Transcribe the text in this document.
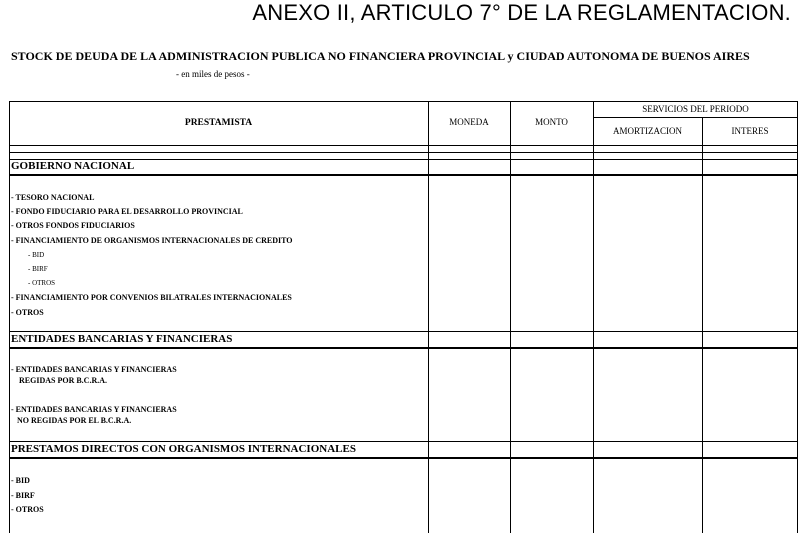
ANEXO II, ARTICULO 7° DE LA REGLAMENTACION.
STOCK DE DEUDA DE LA ADMINISTRACION PUBLICA NO FINANCIERA PROVINCIAL y CIUDAD AUTONOMA DE BUENOS AIRES
- en miles de pesos -
PRESTAMISTA	MONEDA	MONTO
SERVICIOS DEL PERIODO
AMORTIZACION	INTERES
GOBIERNO NACIONAL
- TESORO NACIONAL
- FONDO FIDUCIARIO PARA EL DESARROLLO PROVINCIAL
- OTROS FONDOS FIDUCIARIOS
- FINANCIAMIENTO DE ORGANISMOS INTERNACIONALES DE CREDITO
- BID
- BIRF
- OTROS
- FINANCIAMIENTO POR CONVENIOS BILATRALES INTERNACIONALES
- OTROS
ENTIDADES BANCARIAS Y FINANCIERAS
- ENTIDADES BANCARIAS Y FINANCIERAS
REGIDAS POR B.C.R.A.
- ENTIDADES BANCARIAS Y FINANCIERAS
NO REGIDAS POR EL B.C.R.A.
PRESTAMOS DIRECTOS CON ORGANISMOS INTERNACIONALES
- BID
- BIRF
- OTROS
